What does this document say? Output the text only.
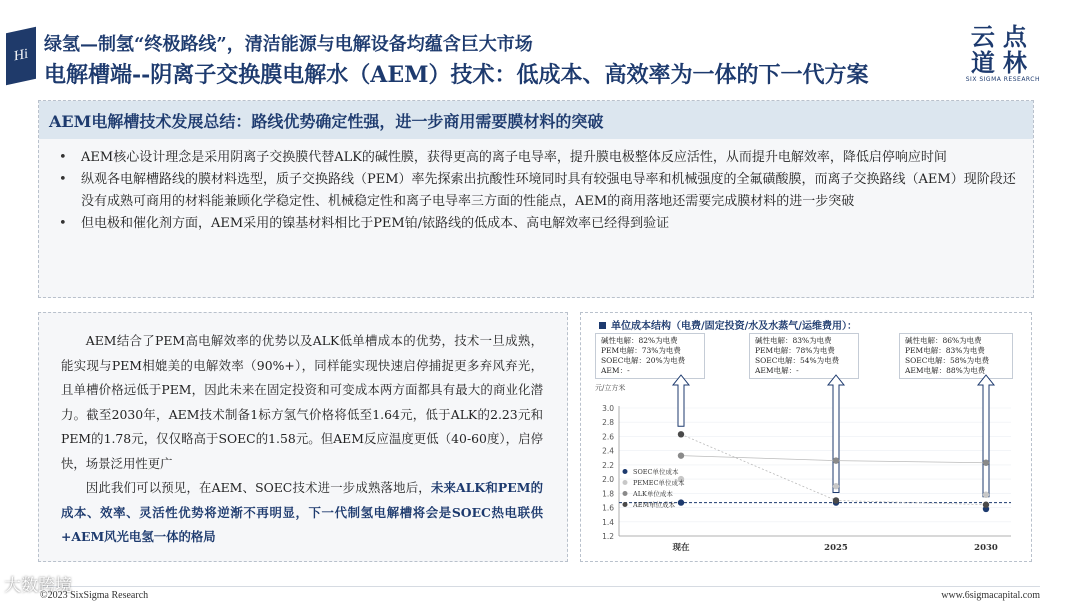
Hi
绿氢—制氢“终极路线”，清洁能源与电解设备均蕴含巨大市场
电解槽端--阴离子交换膜电解水（AEM）技术：低成本、高效率为一体的下一代方案
云点
道林
SIX SIGMA RESEARCH
AEM电解槽技术发展总结：路线优势确定性强，进一步商用需要膜材料的突破
• AEM核心设计理念是采用阴离子交换膜代替ALK的碱性膜，获得更高的离子电导率，提升膜电极整体反应活性，从而提升电解效率，降低启停响应时间
• 纵观各电解槽路线的膜材料选型，质子交换路线（PEM）率先探索出抗酸性环境同时具有较强电导率和机械强度的全氟磺酸膜，而离子交换路线（AEM）现阶段还没有成熟可商用的材料能兼顾化学稳定性、机械稳定性和离子电导率三方面的性能点，AEM的商用落地还需要完成膜材料的进一步突破
• 但电极和催化剂方面，AEM采用的镍基材料相比于PEM铂/铱路线的低成本、高电解效率已经得到验证

AEM结合了PEM高电解效率的优势以及ALK低单槽成本的优势，技术一旦成熟，能实现与PEM相媲美的电解效率（90%+），同样能实现快速启停捕捉更多弃风弃光，且单槽价格远低于PEM，因此未来在固定投资和可变成本两方面都具有最大的商业化潜力。截至2030年，AEM技术制备1标方氢气价格将低至1.64元，低于ALK的2.23元和PEM的1.78元，仅仅略高于SOEC的1.58元。但AEM反应温度更低（40-60度），启停快，场景泛用性更广

因此我们可以预见，在AEM、SOEC技术进一步成熟落地后，未来ALK和PEM的成本、效率、灵活性优势将逆渐不再明显，下一代制氢电解槽将会是SOEC热电联供+AEM风光电氢一体的格局

单位成本结构（电费/固定投资/水及水蒸气/运维费用）：
碱性电解：82%为电费
PEM电解：73%为电费
SOEC电解：20%为电费
AEM：-
碱性电解：83%为电费
PEM电解：78%为电费
SOEC电解：54%为电费
AEM电解：-
碱性电解：86%为电费
PEM电解：83%为电费
SOEC电解：58%为电费
AEM电解：88%为电费
元/立方米
1.2
1.4
1.6
1.8
2.0
2.2
2.4
2.6
2.8
3.0
现在	2025	2030
SOEC单位成本
PEMEC单位成本
ALK单位成本
AEM单位成本
大数跨境
©2023 SixSigma Research	www.6sigmacapital.com
